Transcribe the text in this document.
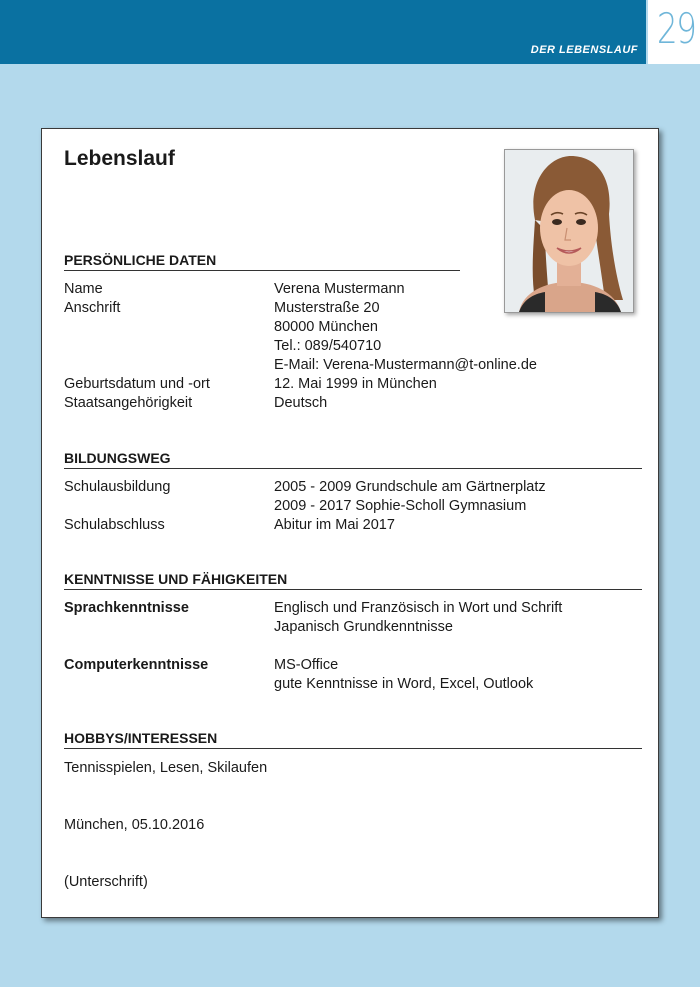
DER LEBENSLAUF 29
Lebenslauf
PERSÖNLICHE DATEN
Name	Verena Mustermann
Anschrift	Musterstraße 20
80000 München
Tel.: 089/540710
E-Mail: Verena-Mustermann@t-online.de
Geburtsdatum und -ort	12. Mai 1999 in München
Staatsangehörigkeit	Deutsch
BILDUNGSWEG
Schulausbildung	2005 - 2009 Grundschule am Gärtnerplatz
2009 - 2017 Sophie-Scholl Gymnasium
Schulabschluss	Abitur im Mai 2017
KENNTNISSE UND FÄHIGKEITEN
Sprachkenntnisse	Englisch und Französisch in Wort und Schrift
Japanisch Grundkenntnisse
Computerkenntnisse	MS-Office
gute Kenntnisse in Word, Excel, Outlook
HOBBYS/INTERESSEN
Tennisspielen, Lesen, Skilaufen
München, 05.10.2016
(Unterschrift)
